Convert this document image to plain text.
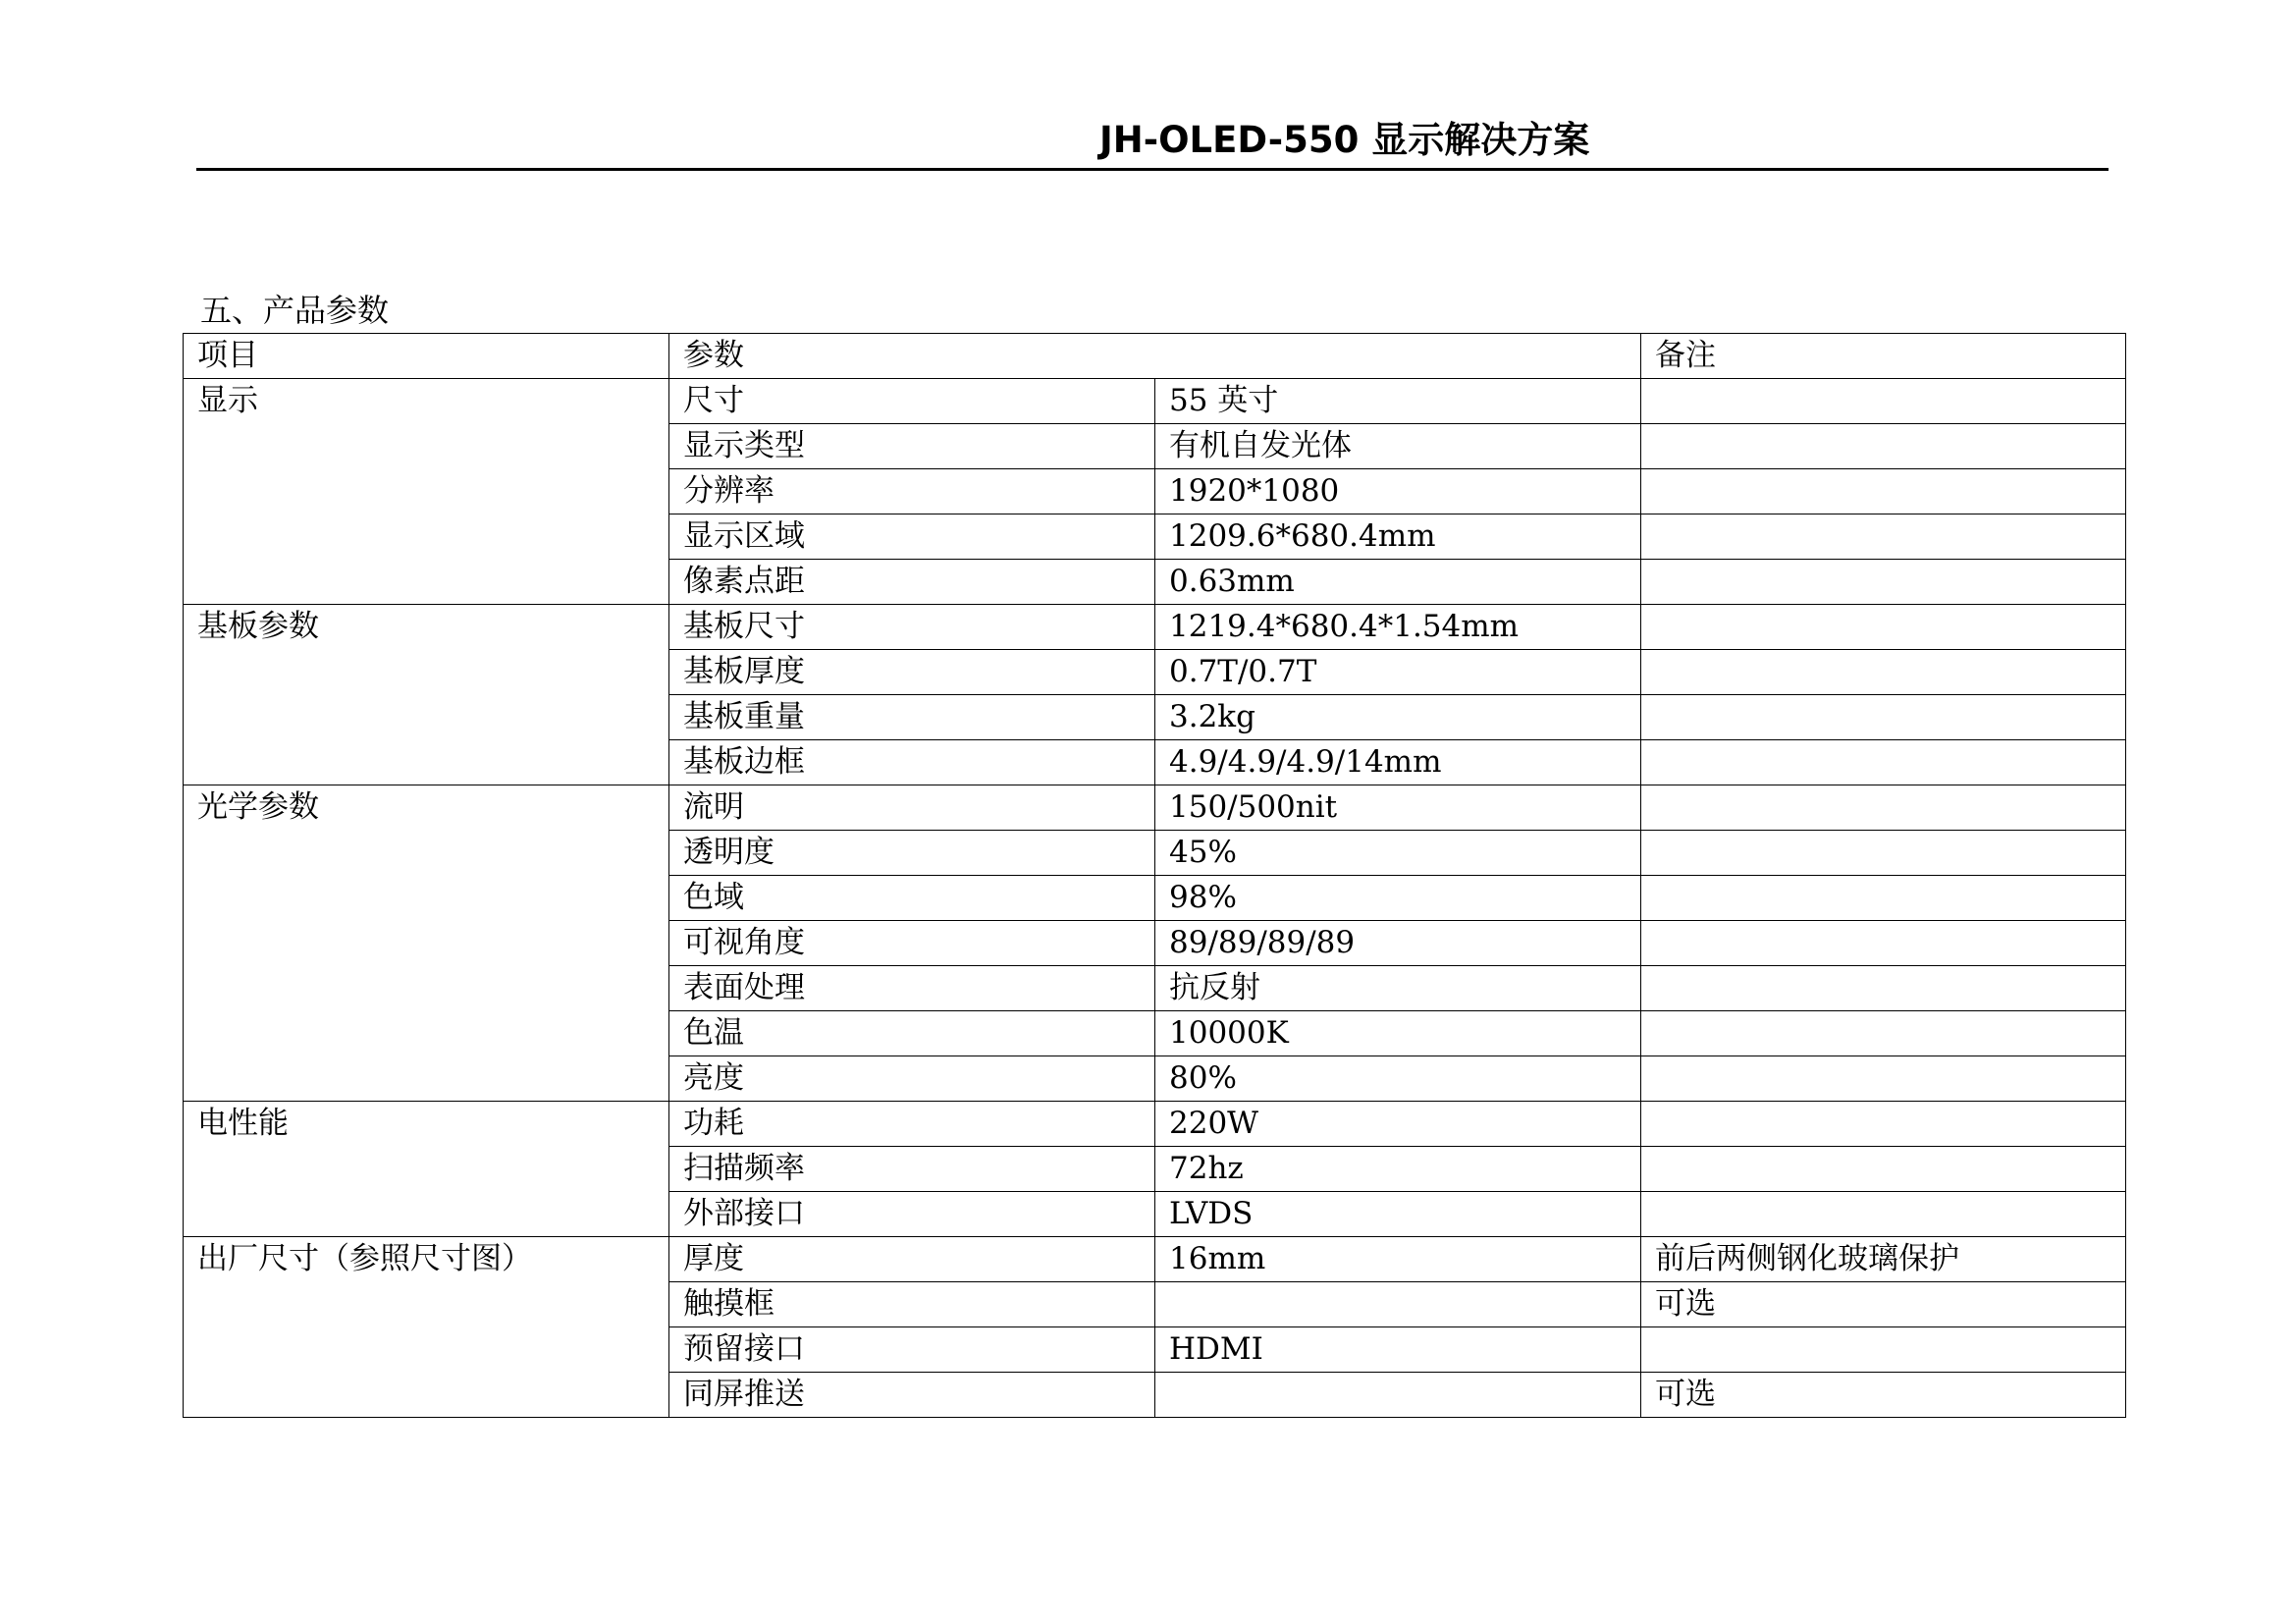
JH-OLED-550 显示解决方案
五、产品参数
项目	参数		备注
显示	尺寸	55 英寸	
	显示类型	有机自发光体	
	分辨率	1920*1080	
	显示区域	1209.6*680.4mm	
	像素点距	0.63mm	
基板参数	基板尺寸	1219.4*680.4*1.54mm	
	基板厚度	0.7T/0.7T	
	基板重量	3.2kg	
	基板边框	4.9/4.9/4.9/14mm	
光学参数	流明	150/500nit	
	透明度	45%	
	色域	98%	
	可视角度	89/89/89/89	
	表面处理	抗反射	
	色温	10000K	
	亮度	80%	
电性能	功耗	220W	
	扫描频率	72hz	
	外部接口	LVDS	
出厂尺寸（参照尺寸图）	厚度	16mm	前后两侧钢化玻璃保护
	触摸框		可选
	预留接口	HDMI	
	同屏推送		可选
